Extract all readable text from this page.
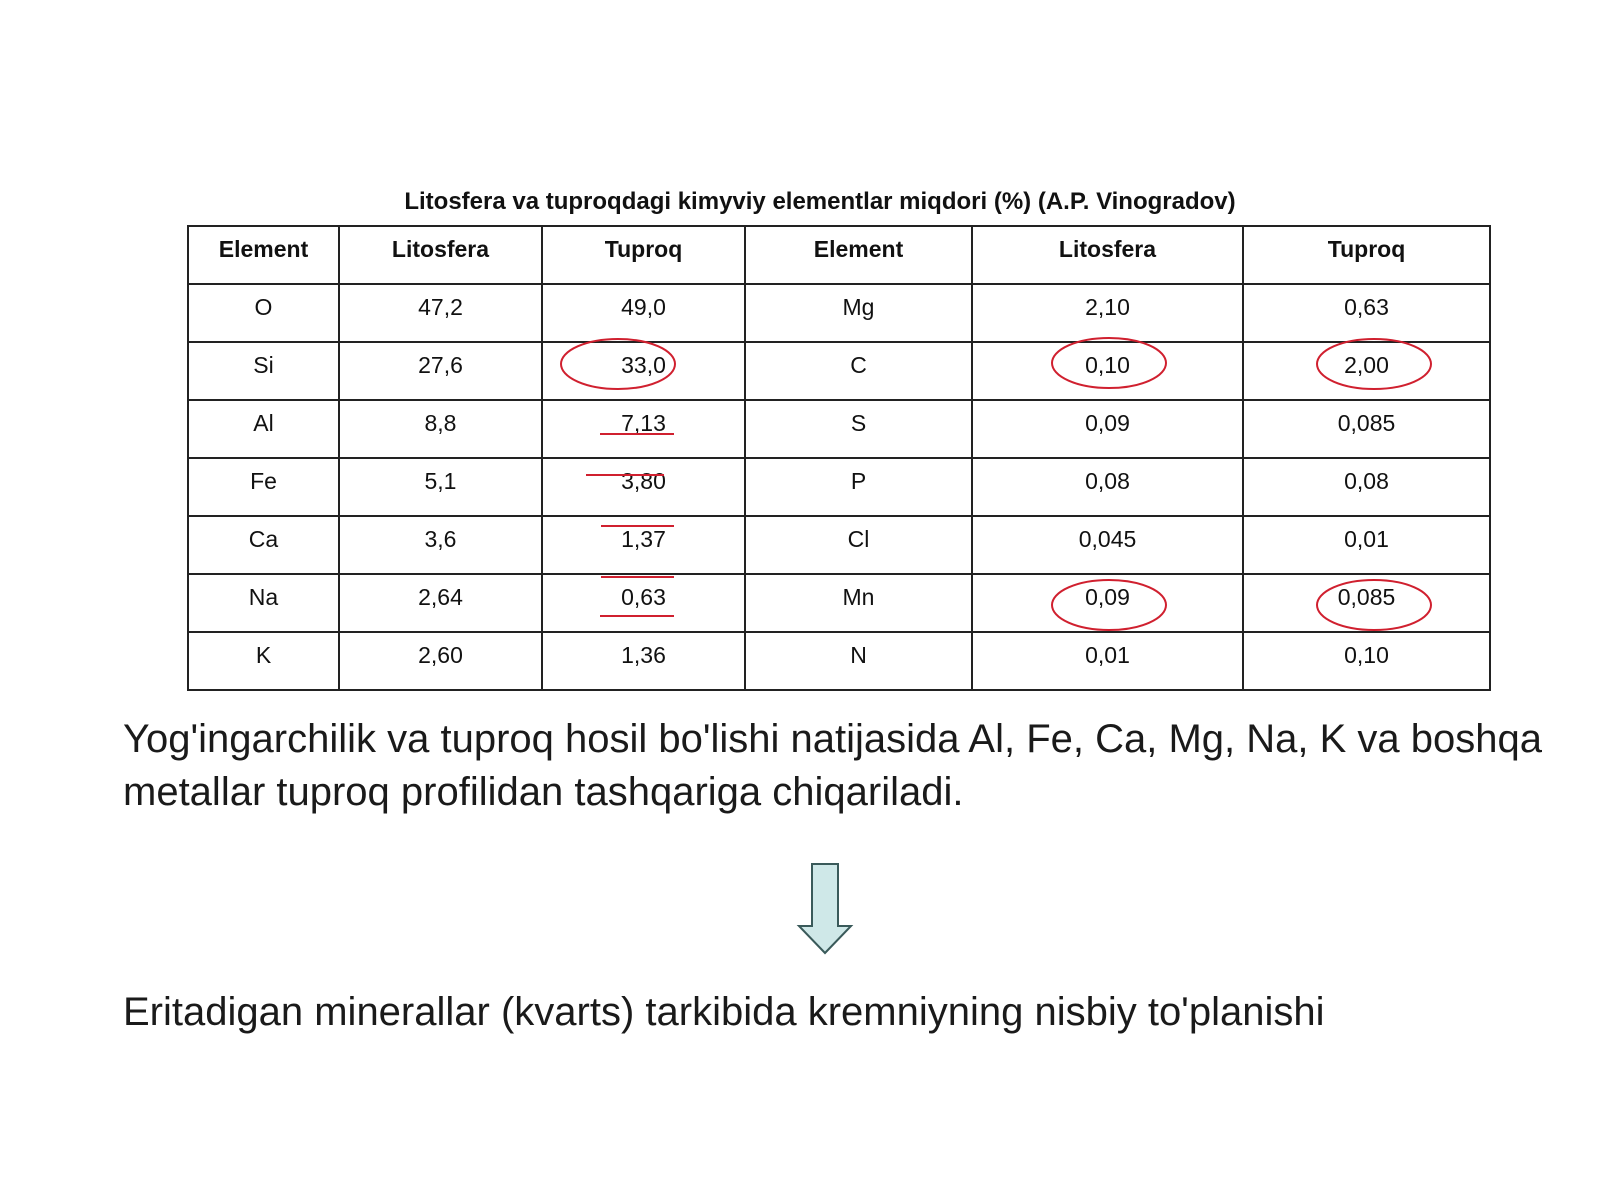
Litosfera va tuproqdagi kimyviy elementlar miqdori (%) (A.P. Vinogradov)
Element	Litosfera	Tuproq	Element	Litosfera	Tuproq
O	47,2	49,0	Mg	2,10	0,63
Si	27,6	33,0	C	0,10	2,00
Al	8,8	7,13	S	0,09	0,085
Fe	5,1	3,80	P	0,08	0,08
Ca	3,6	1,37	Cl	0,045	0,01
Na	2,64	0,63	Mn	0,09	0,085
K	2,60	1,36	N	0,01	0,10

Yog'ingarchilik va tuproq hosil bo'lishi natijasida Al, Fe, Ca, Mg, Na, K va boshqa metallar tuproq profilidan tashqariga chiqariladi.

Eritadigan minerallar (kvarts) tarkibida kremniyning nisbiy to'planishi
